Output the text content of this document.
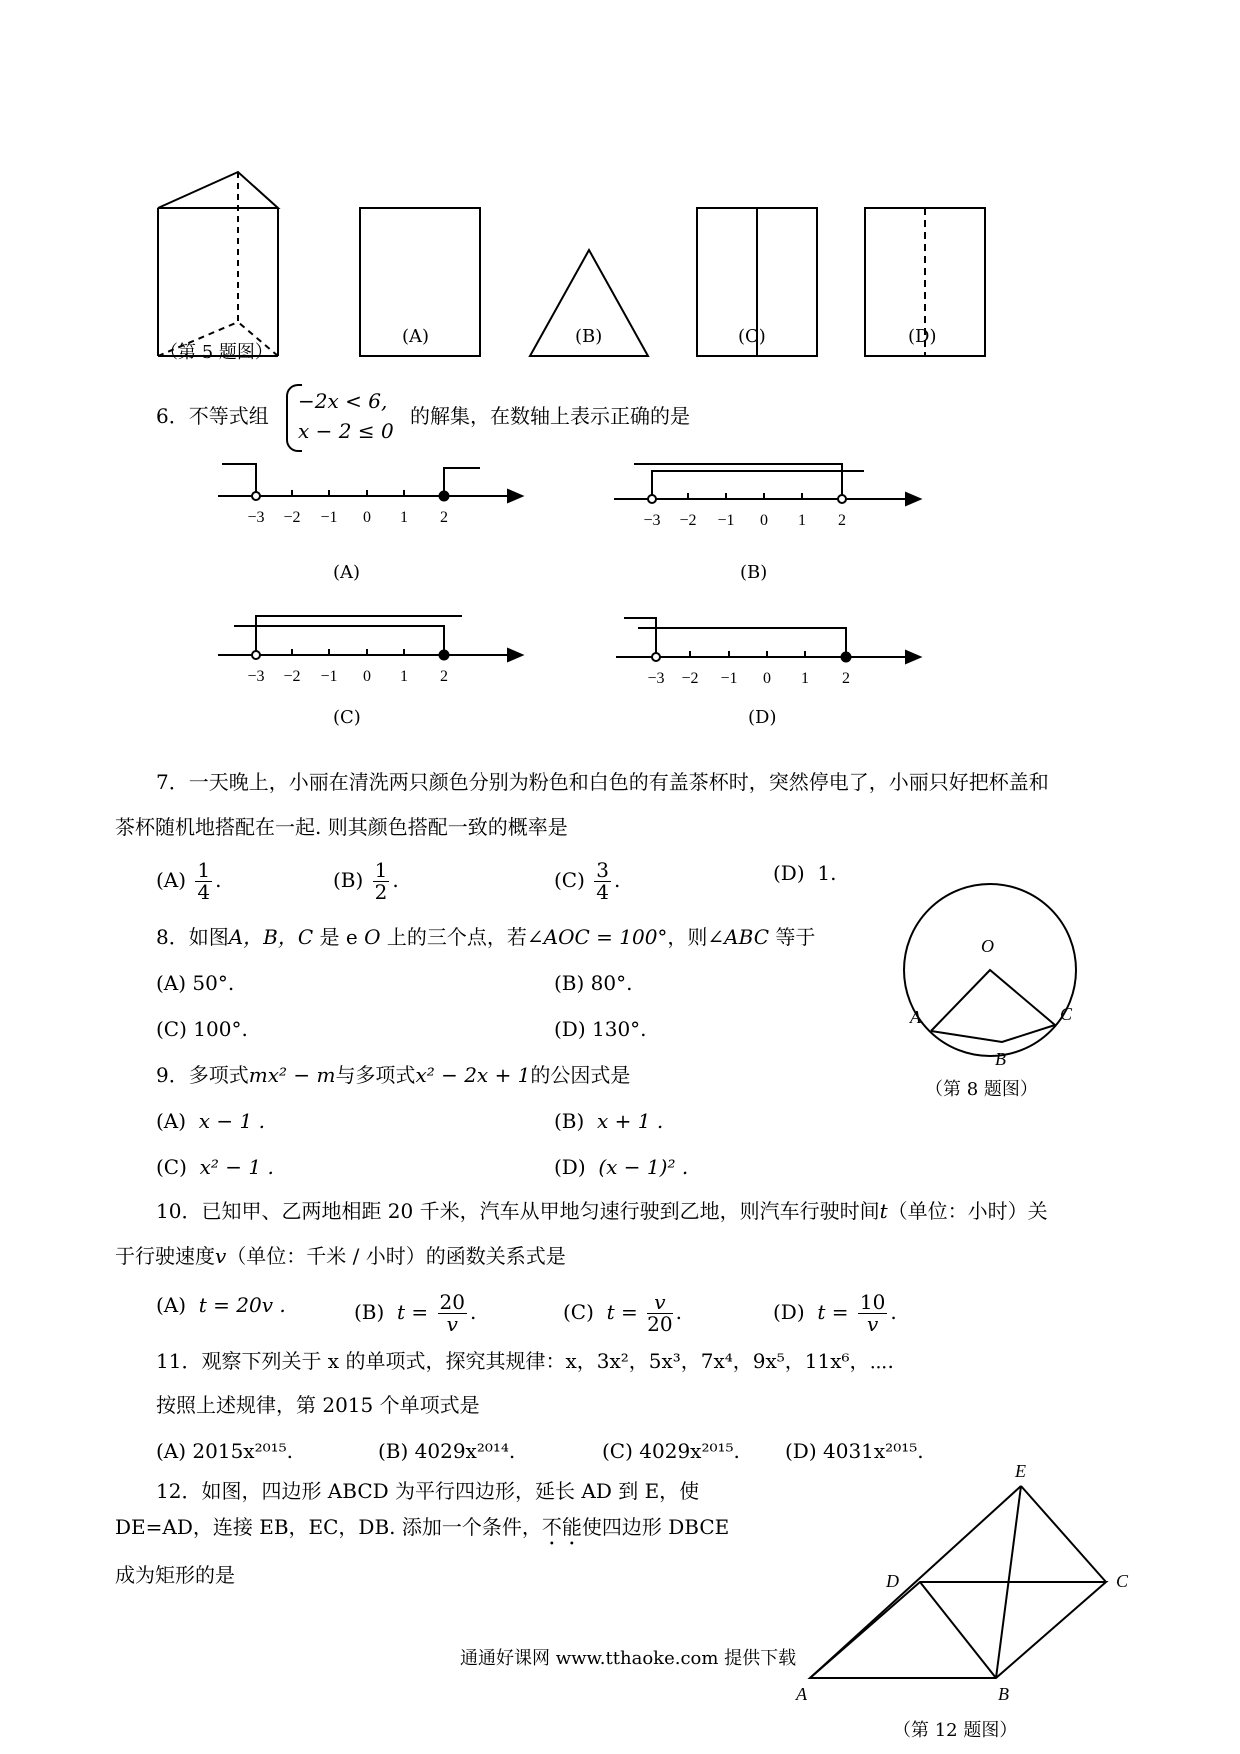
（第 5 题图）
(A)	(B)	(C)	(D)
6．不等式组
−2x < 6,
x − 2 ≤ 0
的解集，在数轴上表示正确的是
−3 −2 −1 0 1 2	−3 −2 −1 0 1 2
−3 −2 −1 0 1 2	−3 −2 −1 0 1 2
(A)	(B)
(C)	(D)
7．一天晚上，小丽在清洗两只颜色分别为粉色和白色的有盖茶杯时，突然停电了，小丽只好把杯盖和
茶杯随机地搭配在一起. 则其颜色搭配一致的概率是
$(A) \frac{1}{4}$ .	$(B) \frac{1}{2}$ .	$(C) \frac{3}{4}$ .	(D) 1.
8．如图A，B，C 是 e O 上的三个点，若∠AOC = 100°，则∠ABC 等于
(A) 50°.	(B) 80°.
(C) 100°.	(D) 130°.
O
A
B
C
（第 8 题图）
9．多项式mx² − m与多项式x² − 2x + 1的公因式是
(A) x − 1 .	(B) x + 1 .
(C) x² − 1 .	(D) (x − 1)² .
10．已知甲、乙两地相距 20 千米，汽车从甲地匀速行驶到乙地，则汽车行驶时间t（单位：小时）关
于行驶速度v（单位：千米 / 小时）的函数关系式是
(A) t = 20v .	(B) $t = \frac{20}{v}$ .	(C) $t = \frac{v}{20}$ .	(D) $t = \frac{10}{v}$ .
11．观察下列关于 x 的单项式，探究其规律：x，3x²，5x³，7x⁴，9x⁵，11x⁶，⋯.
按照上述规律，第 2015 个单项式是
(A) 2015x²⁰¹⁵.	(B) 4029x²⁰¹⁴.	(C) 4029x²⁰¹⁵. (D) 4031x²⁰¹⁵.
12．如图，四边形 ABCD 为平行四边形，延长 AD 到 E，使
DE=AD，连接 EB，EC，DB. 添加一个条件，不能使四边形 DBCE
成为矩形的是
E
D	C
A	B
（第 12 题图）
通通好课网 www.tthaoke.com 提供下载
